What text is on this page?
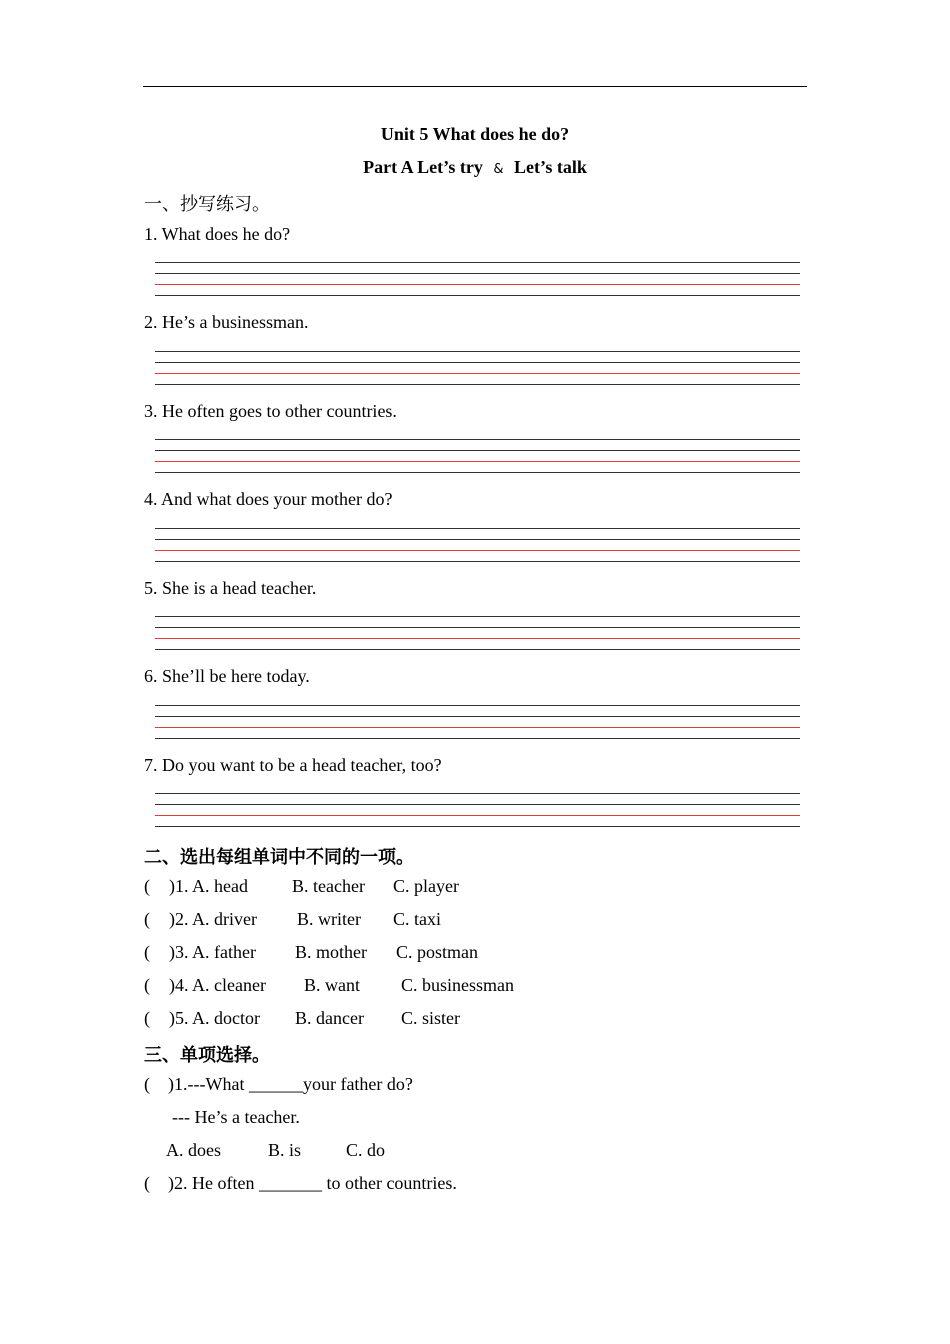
Unit 5 What does he do?
Part A Let’s try & Let’s talk
一、抄写练习。
1. What does he do?
2. He’s a businessman.
3. He often goes to other countries.
4. And what does your mother do?
5. She is a head teacher.
6. She’ll be here today.
7. Do you want to be a head teacher, too?
二、选出每组单词中不同的一项。
( )1. A. head B. teacher C. player
( )2. A. driver B. writer C. taxi
( )3. A. father B. mother C. postman
( )4. A. cleaner B. want C. businessman
( )5. A. doctor B. dancer C. sister
三、单项选择。
(    )1.---What ______your father do?
--- He’s a teacher.
A. does	B. is C. do
(    )2. He often _______ to other countries.
